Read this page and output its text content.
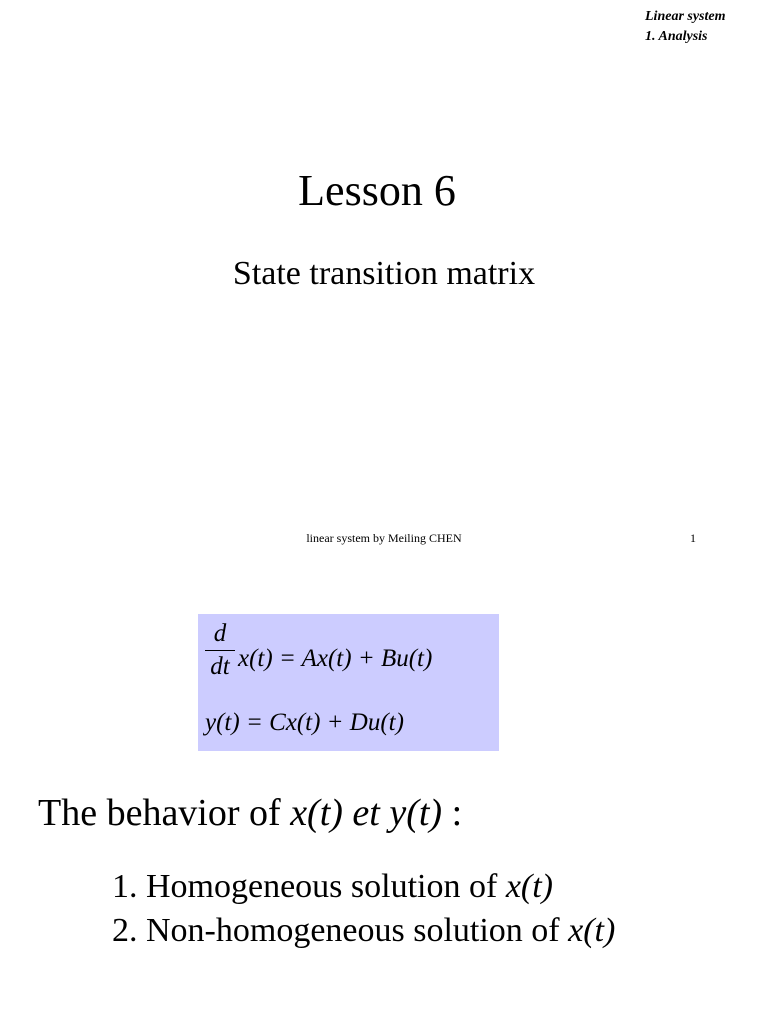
Linear system
1. Analysis
Lesson 6
State transition matrix
linear system by Meiling CHEN	1
d
dt x(t) = Ax(t) + Bu(t)
y(t) = Cx(t) + Du(t)
The behavior of x(t) et y(t) :
1. Homogeneous solution of x(t)
2. Non-homogeneous solution of x(t)
